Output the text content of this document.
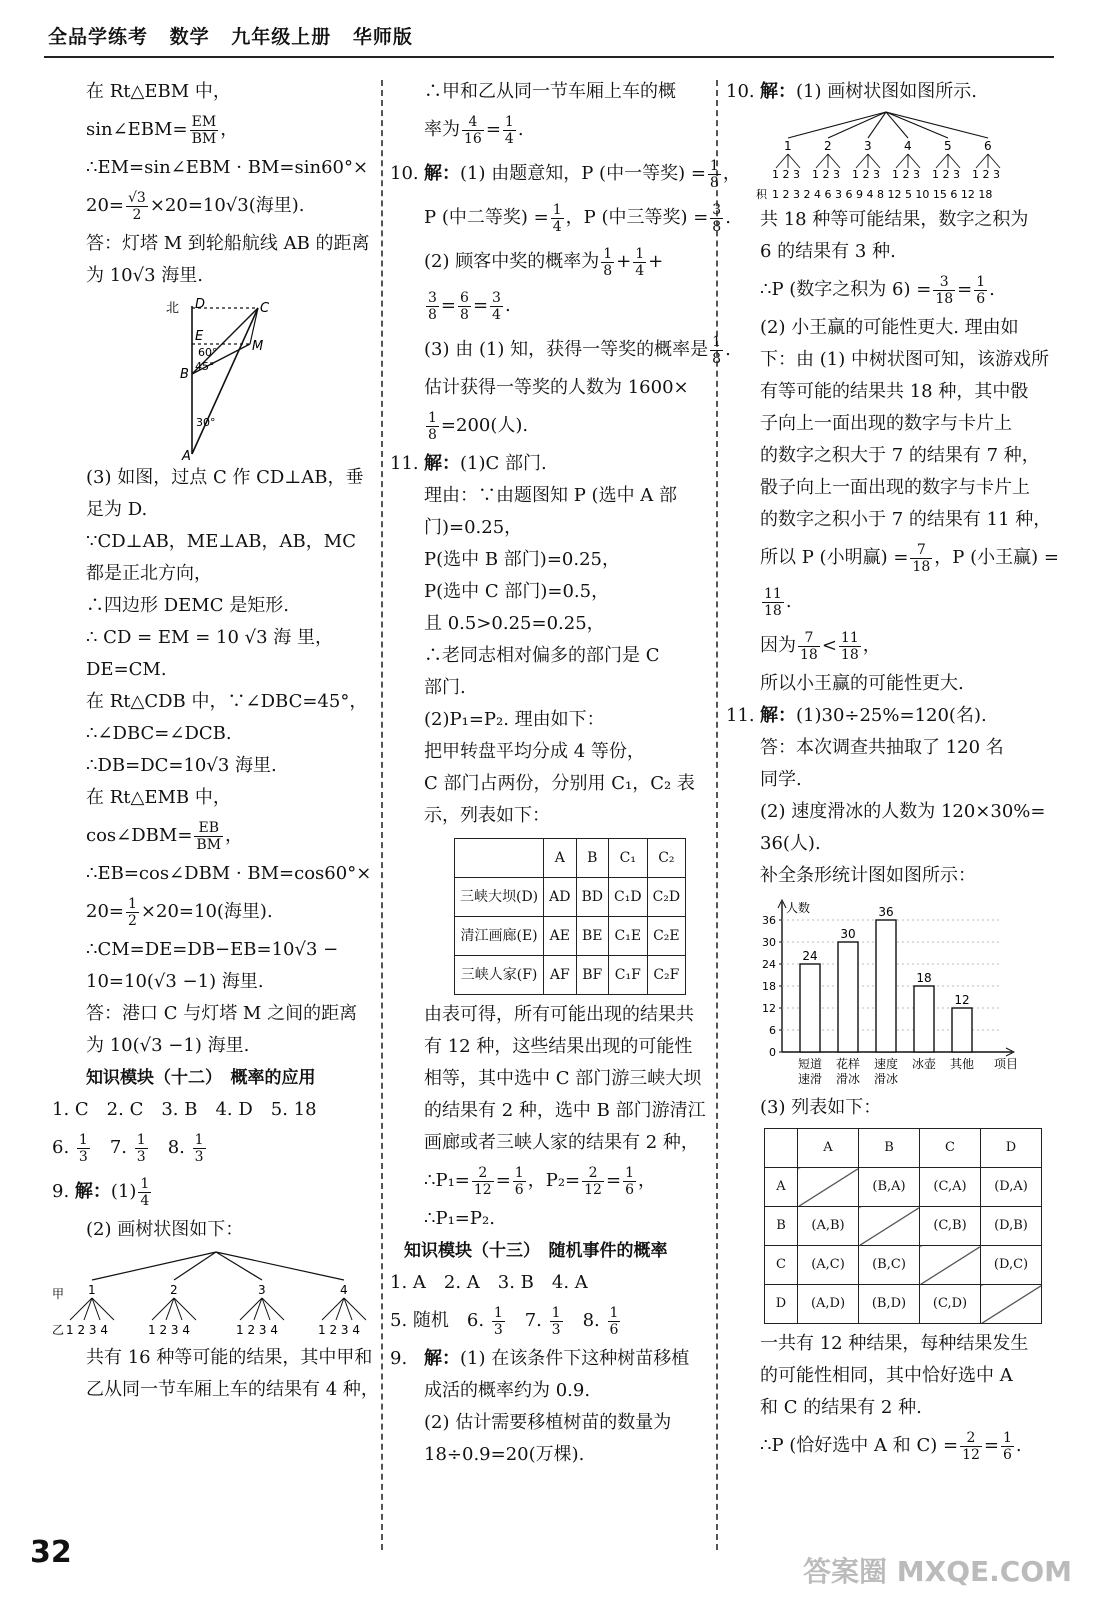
全品学练考 数学 九年级上册 华师版

在 Rt△EBM 中，

sin∠EBM= $\frac{EM}{BM}$ ，

∴EM=sin∠EBM · BM=sin60°×

$20= \frac{√3}{2} \times 20=10√3$(海里).

答：灯塔 M 到轮船航线 AB 的距离

为 10√3 海里.

北 D	C
E
M
B
A
60°
45°
30°

(3) 如图，过点 C 作 CD⊥AB，垂

足为 D.

∵CD⊥AB，ME⊥AB，AB，MC

都是正北方向，

∴四边形 DEMC 是矩形.

∴ CD = EM = 10 √3 海 里，

DE=CM.

在 Rt△CDB 中，∵∠DBC=45°，

∴∠DBC=∠DCB.

∴DB=DC=10√3 海里.

在 Rt△EMB 中，

cos∠DBM= $\frac{EB}{BM}$ ，

∴EB=cos∠DBM · BM=cos60°×

$20= \frac{1}{2} \times 20=10$(海里).

∴CM=DE=DB−EB=10√3 −

10=10(√3 −1) 海里.

答：港口 C 与灯塔 M 之间的距离

为 10(√3 −1) 海里.

知识模块（十二）　概率的应用

1. C　2. C　3. B　4. D　5. 18

6. $\frac{1}{3}$
　 7. $\frac{1}{3}$
　 8. $\frac{1}{3}$

9. 解：$(1) \frac{1}{4}$

(2) 画树状图如下：

甲
乙
1	2	3	4
1 2 3 4	1 2 3 4	1 2 3 4	1 2 3 4

共有 16 种等可能的结果，其中甲和

乙从同一节车厢上车的结果有 4 种，

∴甲和乙从同一节车厢上车的概

率为 $\frac{4}{16} = \frac{1}{4}$ .

10. 解：(1) 由题意知，P (中一等奖) = $\frac{1}{8}$ ，

P (中二等奖) = $\frac{1}{4}$ ，P (中三等奖) = $\frac{3}{8}$ .

(2) 顾客中奖的概率为 $\frac{1}{8} + \frac{1}{4}$ +

$\frac{3}{8} = \frac{6}{8} = \frac{3}{4}$ .

(3) 由 (1) 知，获得一等奖的概率是 $\frac{1}{8}$ .

估计获得一等奖的人数为 1600×

$\frac{1}{8} =200$(人).

11. 解：(1)C 部门.

理由：∵由题图知 P (选中 A 部

门)=0.25，

P(选中 B 部门)=0.25，

P(选中 C 部门)=0.5，

且 0.5>0.25=0.25，

∴老同志相对偏多的部门是 C

部门.

(2)P₁=P₂. 理由如下：

把甲转盘平均分成 4 等份，

C 部门占两份，分别用 C₁，C₂ 表

示，列表如下：

	A	B	C₁	C₂
三峡大坝(D)	AD	BD	C₁D	C₂D
清江画廊(E)	AE	BE	C₁E	C₂E
三峡人家(F)	AF	BF	C₁F	C₂F

由表可得，所有可能出现的结果共

有 12 种，这些结果出现的可能性

相等，其中选中 C 部门游三峡大坝

的结果有 2 种，选中 B 部门游清江

画廊或者三峡人家的结果有 2 种，

∴P₁= $\frac{2}{12} = \frac{1}{6}$ ，$P_2= \frac{2}{12} = \frac{1}{6}$ ，

∴P₁=P₂.

知识模块（十三）　随机事件的概率

1. A　2. A　3. B　4. A

5. 随机　6. $\frac{1}{3}$
　 7. $\frac{1}{3}$
　 8. $\frac{1}{6}$

9. 解：(1) 在该条件下这种树苗移植

成活的概率约为 0.9.

(2) 估计需要移植树苗的数量为

18÷0.9=20(万棵).

10. 解：(1) 画树状图如图所示.

1	2	3	4	5	6
1 2 3 1 2 3 1 2 3 1 2 3 1 2 3 1 2 3
积 1 2 3 2 4 6 3 6 9 4 8 12 5 10 15 6 12 18

共 18 种等可能结果，数字之积为

6 的结果有 3 种.

∴P (数字之积为 $6) = \frac{3}{18} = \frac{1}{6}$ .

(2) 小王赢的可能性更大. 理由如

下：由 (1) 中树状图可知，该游戏所

有等可能的结果共 18 种，其中骰

子向上一面出现的数字与卡片上

的数字之积大于 7 的结果有 7 种，

骰子向上一面出现的数字与卡片上

的数字之积小于 7 的结果有 11 种，

所以 P (小明赢) = $\frac{7}{18}$ ，P (小王赢) =

$\frac{11}{18}$ .

因为 $\frac{7}{18} < \frac{11}{18}$ ，

所以小王赢的可能性更大.

11. 解：(1)30÷25%=120(名).

答：本次调查共抽取了 120 名

同学.

(2) 速度滑冰的人数为 120×30%=

36(人).

补全条形统计图如图所示：

人数
0
6
12
18
24
30
36
24
短道
速滑
30
花样
滑冰
36
速度
滑冰
18
冰壶
12
其他 项目

(3) 列表如下：

	A	B	C	D
A		(B,A)	(C,A)	(D,A)
B	(A,B)		(C,B)	(D,B)
C	(A,C)	(B,C)		(D,C)
D	(A,D)	(B,D)	(C,D)	

一共有 12 种结果，每种结果发生

的可能性相同，其中恰好选中 A

和 C 的结果有 2 种.

∴P (恰好选中 A 和 $C) = \frac{2}{12} = \frac{1}{6}$ .

32
答案圈 MXQE.COM
